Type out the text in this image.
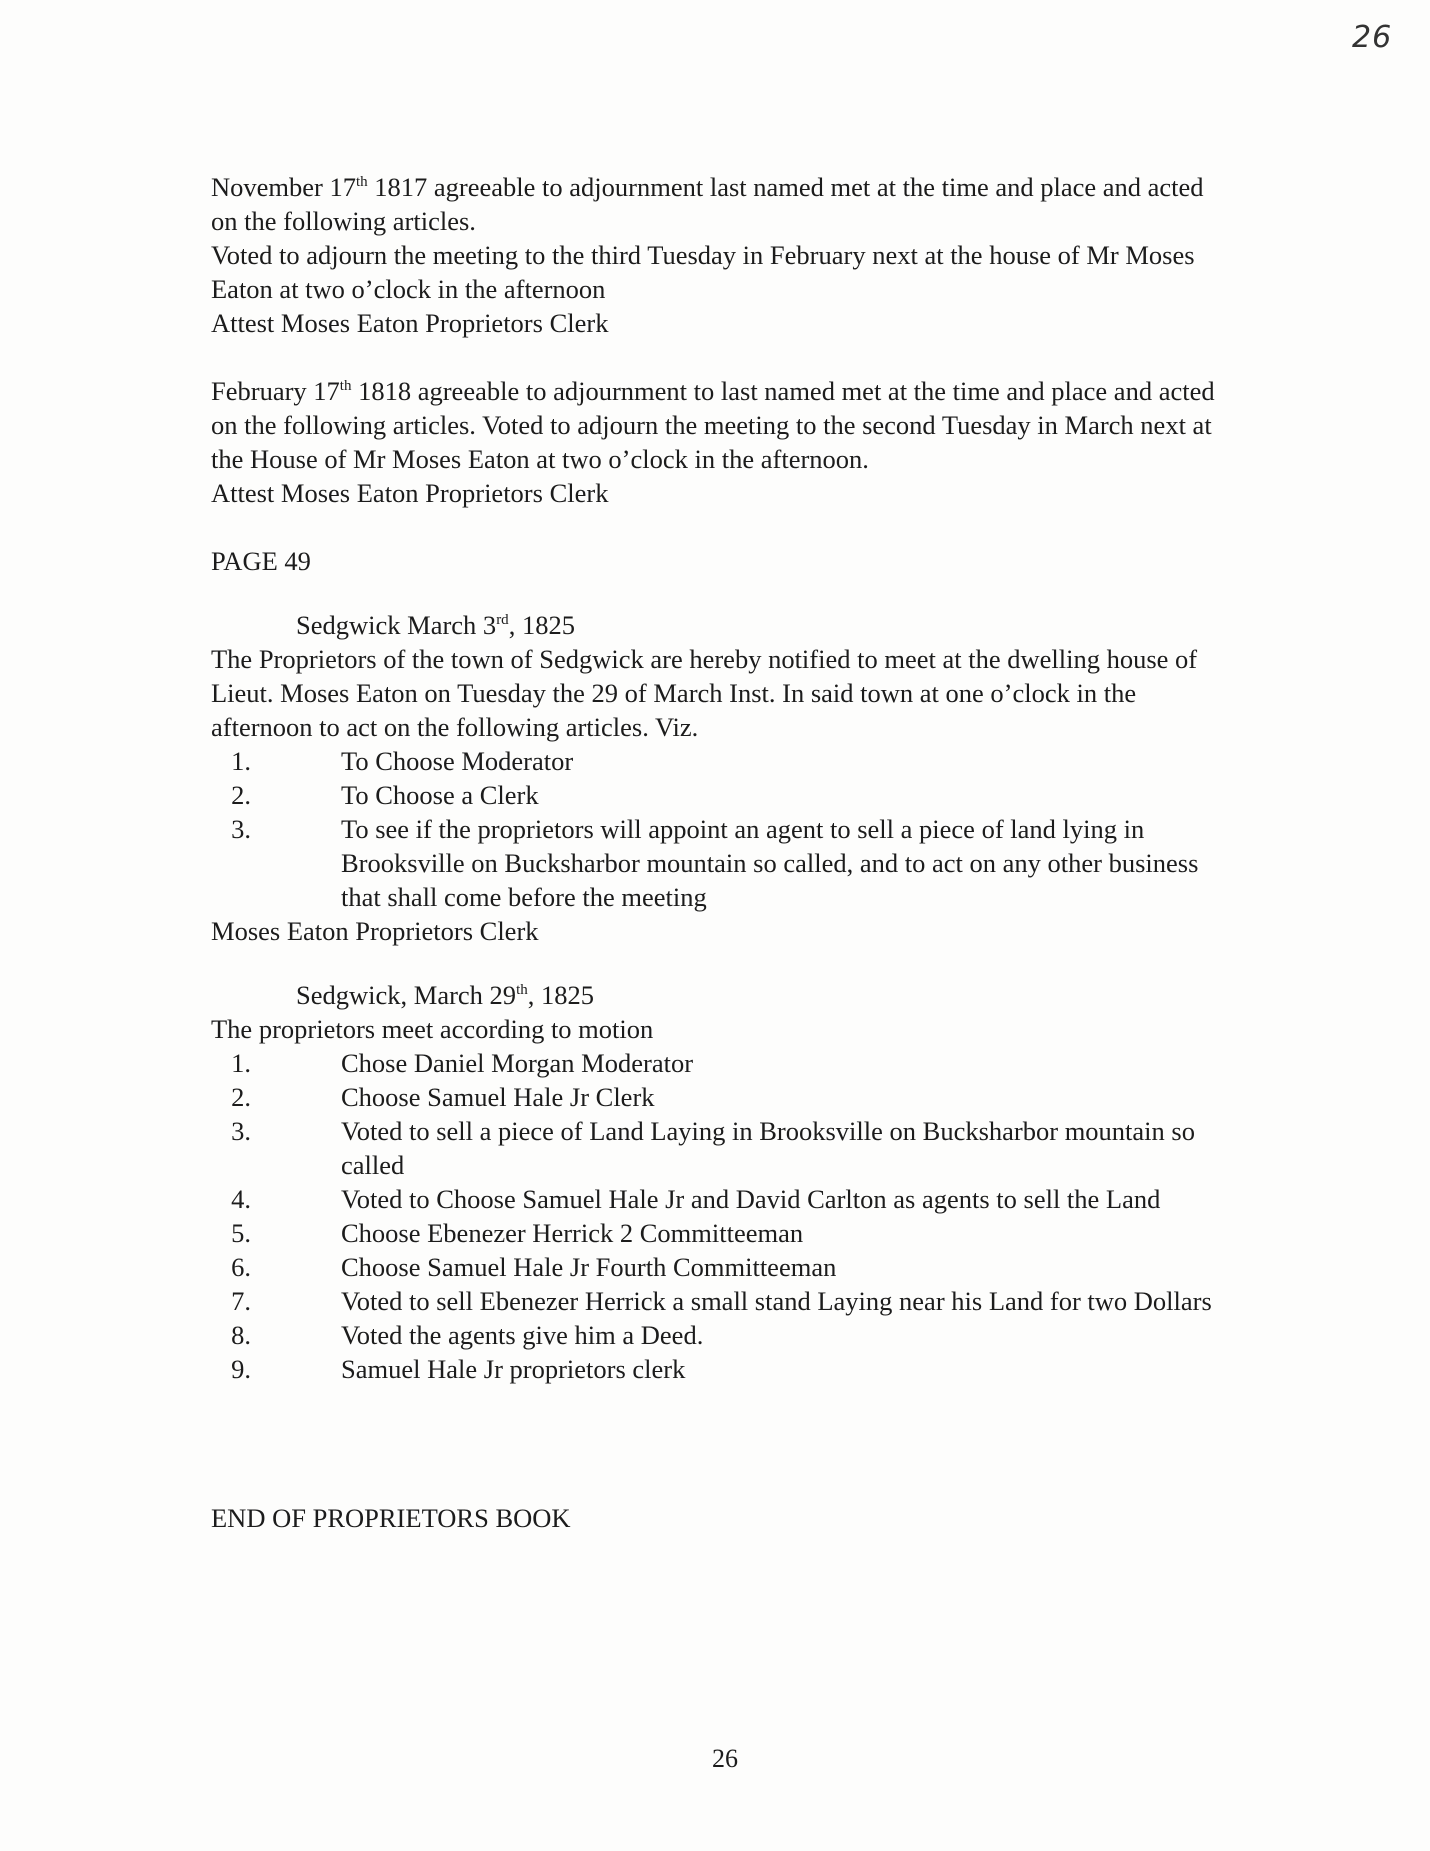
26

November 17th 1817 agreeable to adjournment last named met at the time and place and acted on the following articles.

Voted to adjourn the meeting to the third Tuesday in February next at the house of Mr Moses Eaton at two o’clock in the afternoon

Attest Moses Eaton Proprietors Clerk

February 17th 1818 agreeable to adjournment to last named met at the time and place and acted on the following articles. Voted to adjourn the meeting to the second Tuesday in March next at the House of Mr Moses Eaton at two o’clock in the afternoon.

Attest Moses Eaton Proprietors Clerk

PAGE 49

Sedgwick March 3rd, 1825

The Proprietors of the town of Sedgwick are hereby notified to meet at the dwelling house of Lieut. Moses Eaton on Tuesday the 29 of March Inst. In said town at one o’clock in the afternoon to act on the following articles. Viz.

1.	To Choose Moderator
2.	To Choose a Clerk
3.	To see if the proprietors will appoint an agent to sell a piece of land lying in Brooksville on Bucksharbor mountain so called, and to act on any other business that shall come before the meeting

Moses Eaton Proprietors Clerk

Sedgwick, March 29th, 1825

The proprietors meet according to motion

1.	Chose Daniel Morgan Moderator
2.	Choose Samuel Hale Jr Clerk
3.	Voted to sell a piece of Land Laying in Brooksville on Bucksharbor mountain so called
4.	Voted to Choose Samuel Hale Jr and David Carlton as agents to sell the Land
5.	Choose Ebenezer Herrick 2 Committeeman
6.	Choose Samuel Hale Jr Fourth Committeeman
7.	Voted to sell Ebenezer Herrick a small stand Laying near his Land for two Dollars
8.	Voted the agents give him a Deed.
9.	Samuel Hale Jr proprietors clerk

END OF PROPRIETORS BOOK

26
